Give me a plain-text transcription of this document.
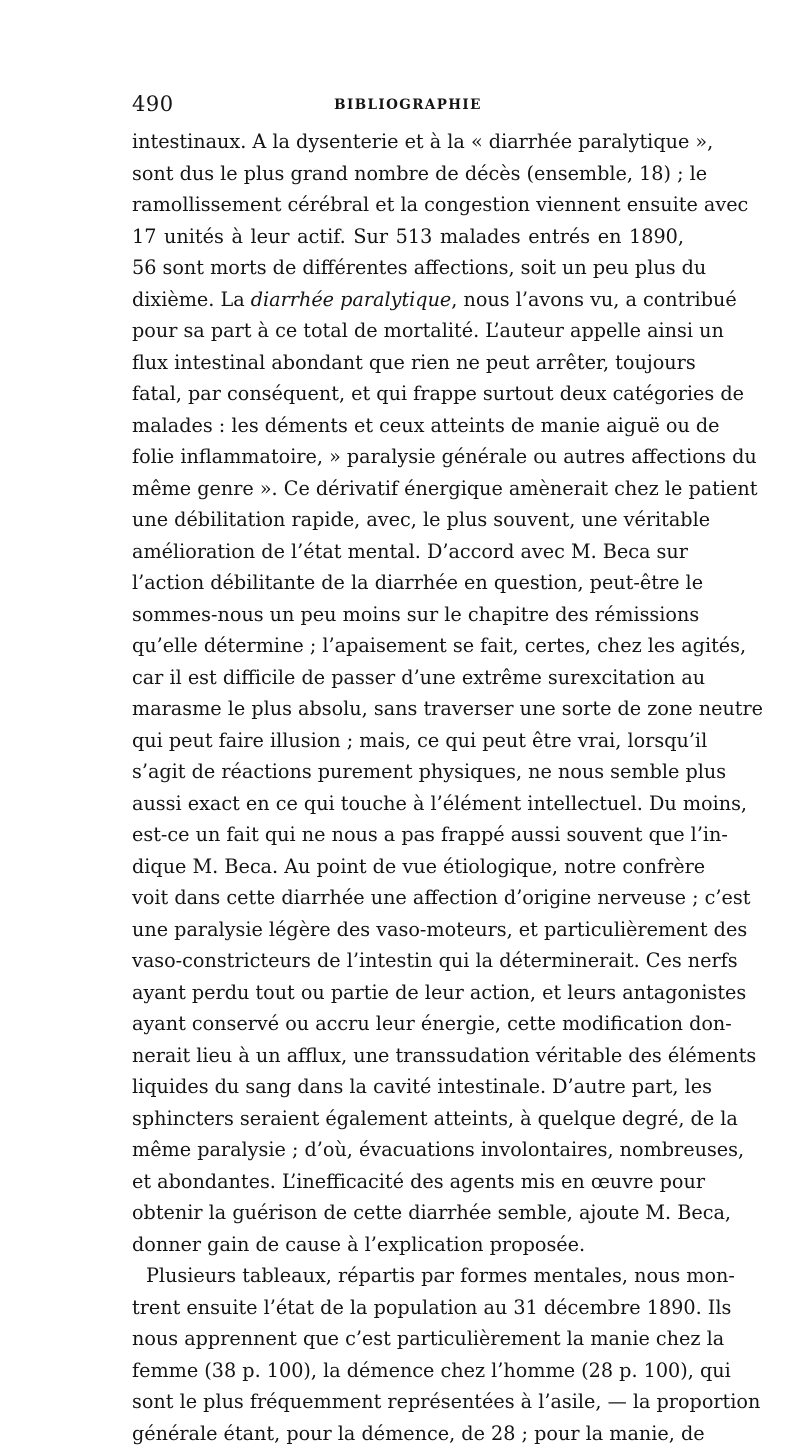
490	BIBLIOGRAPHIE
intestinaux. A la dysenterie et à la « diarrhée paralytique »,
sont dus le plus grand nombre de décès (ensemble, 18) ; le
ramollissement cérébral et la congestion viennent ensuite avec
17 unités à leur actif. Sur 513 malades entrés en 1890,
56 sont morts de différentes affections, soit un peu plus du
dixième. La diarrhée paralytique, nous l’avons vu, a contribué
pour sa part à ce total de mortalité. L’auteur appelle ainsi un
flux intestinal abondant que rien ne peut arrêter, toujours
fatal, par conséquent, et qui frappe surtout deux catégories de
malades : les déments et ceux atteints de manie aiguë ou de
folie inflammatoire, » paralysie générale ou autres affections du
même genre ». Ce dérivatif énergique amènerait chez le patient
une débilitation rapide, avec, le plus souvent, une véritable
amélioration de l’état mental. D’accord avec M. Beca sur
l’action débilitante de la diarrhée en question, peut-être le
sommes-nous un peu moins sur le chapitre des rémissions
qu’elle détermine ; l’apaisement se fait, certes, chez les agités,
car il est difficile de passer d’une extrême surexcitation au
marasme le plus absolu, sans traverser une sorte de zone neutre
qui peut faire illusion ; mais, ce qui peut être vrai, lorsqu’il
s’agit de réactions purement physiques, ne nous semble plus
aussi exact en ce qui touche à l’élément intellectuel. Du moins,
est-ce un fait qui ne nous a pas frappé aussi souvent que l’in-
dique M. Beca. Au point de vue étiologique, notre confrère
voit dans cette diarrhée une affection d’origine nerveuse ; c’est
une paralysie légère des vaso-moteurs, et particulièrement des
vaso-constricteurs de l’intestin qui la déterminerait. Ces nerfs
ayant perdu tout ou partie de leur action, et leurs antagonistes
ayant conservé ou accru leur énergie, cette modification don-
nerait lieu à un afflux, une transsudation véritable des éléments
liquides du sang dans la cavité intestinale. D’autre part, les
sphincters seraient également atteints, à quelque degré, de la
même paralysie ; d’où, évacuations involontaires, nombreuses,
et abondantes. L’inefficacité des agents mis en œuvre pour
obtenir la guérison de cette diarrhée semble, ajoute M. Beca,
donner gain de cause à l’explication proposée.
Plusieurs tableaux, répartis par formes mentales, nous mon-
trent ensuite l’état de la population au 31 décembre 1890. Ils
nous apprennent que c’est particulièrement la manie chez la
femme (38 p. 100), la démence chez l’homme (28 p. 100), qui
sont le plus fréquemment représentées à l’asile, — la proportion
générale étant, pour la démence, de 28 ; pour la manie, de
